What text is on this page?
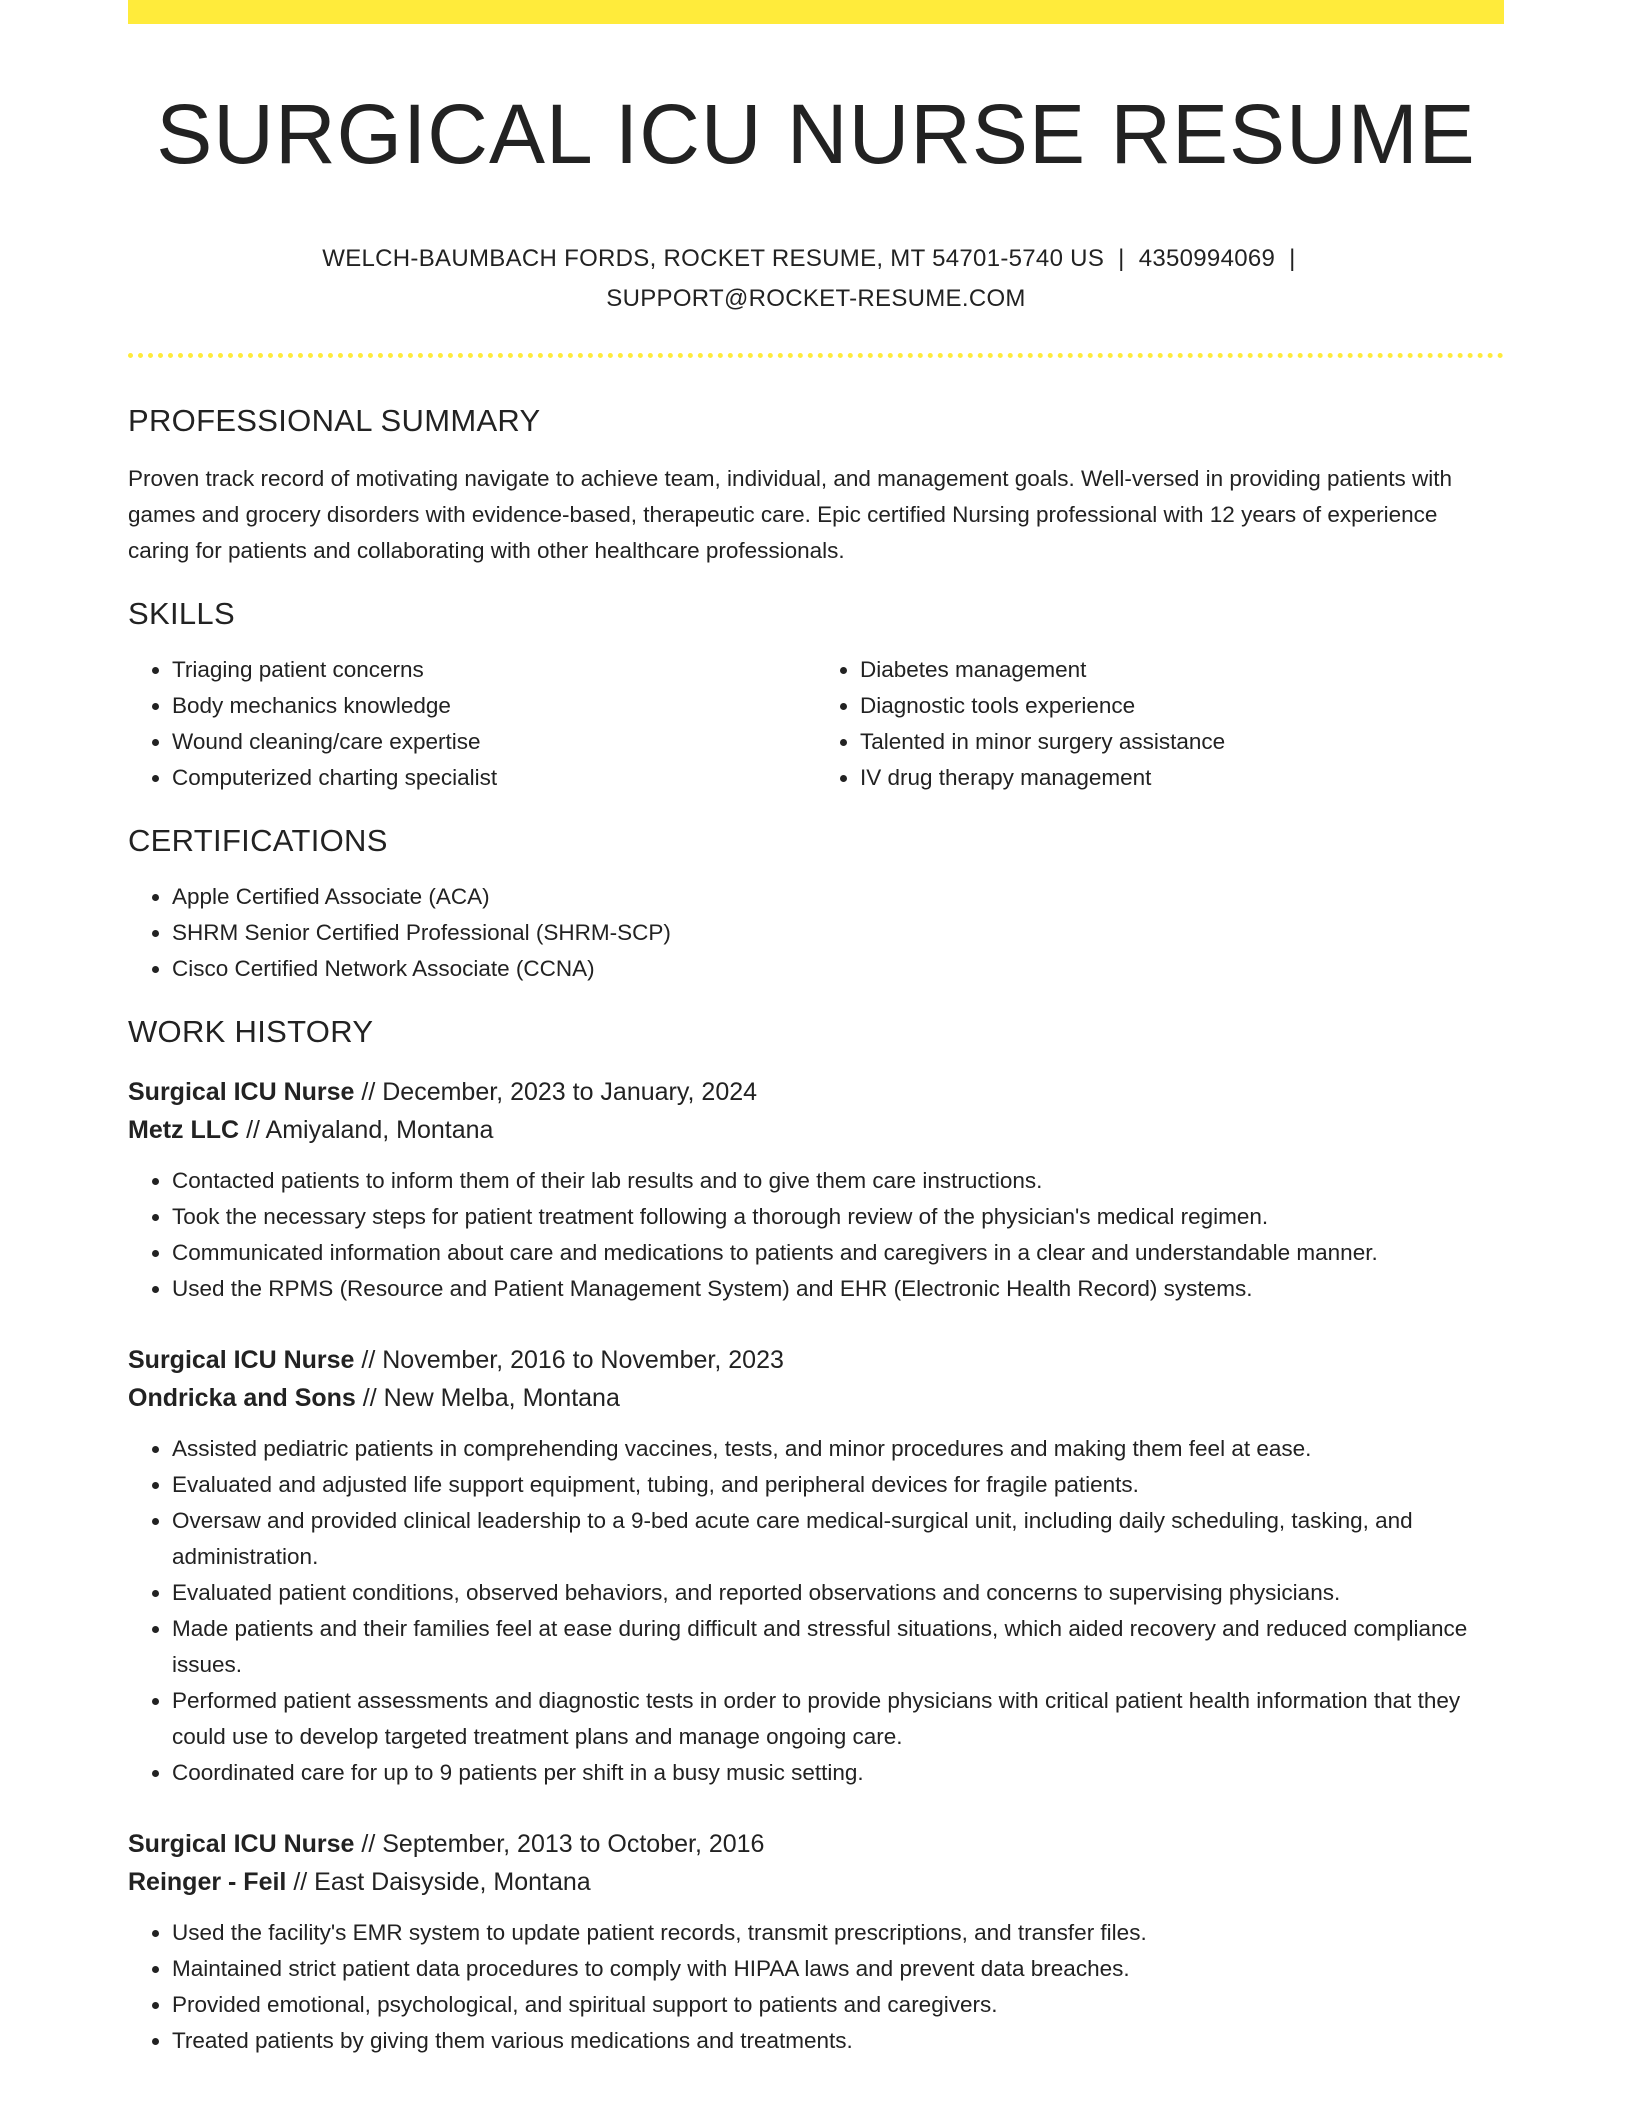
SURGICAL ICU NURSE RESUME
WELCH-BAUMBACH FORDS, ROCKET RESUME, MT 54701-5740 US | 4350994069 |
SUPPORT@ROCKET-RESUME.COM
PROFESSIONAL SUMMARY

Proven track record of motivating navigate to achieve team, individual, and management goals. Well-versed in providing patients with games and grocery disorders with evidence-based, therapeutic care. Epic certified Nursing professional with 12 years of experience caring for patients and collaborating with other healthcare professionals.

SKILLS
• Triaging patient concerns
• Body mechanics knowledge
• Wound cleaning/care expertise
• Computerized charting specialist
• Diabetes management
• Diagnostic tools experience
• Talented in minor surgery assistance
• IV drug therapy management
CERTIFICATIONS
• Apple Certified Associate (ACA)
• SHRM Senior Certified Professional (SHRM-SCP)
• Cisco Certified Network Associate (CCNA)
WORK HISTORY
Surgical ICU Nurse // December, 2023 to January, 2024
Metz LLC // Amiyaland, Montana
• Contacted patients to inform them of their lab results and to give them care instructions.
• Took the necessary steps for patient treatment following a thorough review of the physician's medical regimen.
• Communicated information about care and medications to patients and caregivers in a clear and understandable manner.
• Used the RPMS (Resource and Patient Management System) and EHR (Electronic Health Record) systems.
Surgical ICU Nurse // November, 2016 to November, 2023
Ondricka and Sons // New Melba, Montana
• Assisted pediatric patients in comprehending vaccines, tests, and minor procedures and making them feel at ease.
• Evaluated and adjusted life support equipment, tubing, and peripheral devices for fragile patients.
• Oversaw and provided clinical leadership to a 9-bed acute care medical-surgical unit, including daily scheduling, tasking, and administration.
• Evaluated patient conditions, observed behaviors, and reported observations and concerns to supervising physicians.
• Made patients and their families feel at ease during difficult and stressful situations, which aided recovery and reduced compliance issues.
• Performed patient assessments and diagnostic tests in order to provide physicians with critical patient health information that they could use to develop targeted treatment plans and manage ongoing care.
• Coordinated care for up to 9 patients per shift in a busy music setting.
Surgical ICU Nurse // September, 2013 to October, 2016
Reinger - Feil // East Daisyside, Montana
• Used the facility's EMR system to update patient records, transmit prescriptions, and transfer files.
• Maintained strict patient data procedures to comply with HIPAA laws and prevent data breaches.
• Provided emotional, psychological, and spiritual support to patients and caregivers.
• Treated patients by giving them various medications and treatments.
